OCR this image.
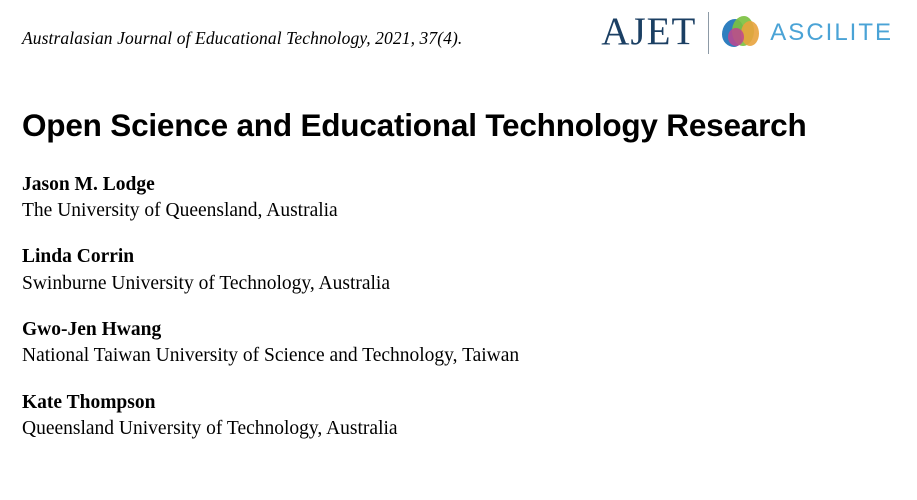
Australasian Journal of Educational Technology, 2021, 37(4).	AJET	ASCILITE
Open Science and Educational Technology Research
Jason M. Lodge
The University of Queensland, Australia
Linda Corrin
Swinburne University of Technology, Australia
Gwo-Jen Hwang
National Taiwan University of Science and Technology, Taiwan
Kate Thompson
Queensland University of Technology, Australia
